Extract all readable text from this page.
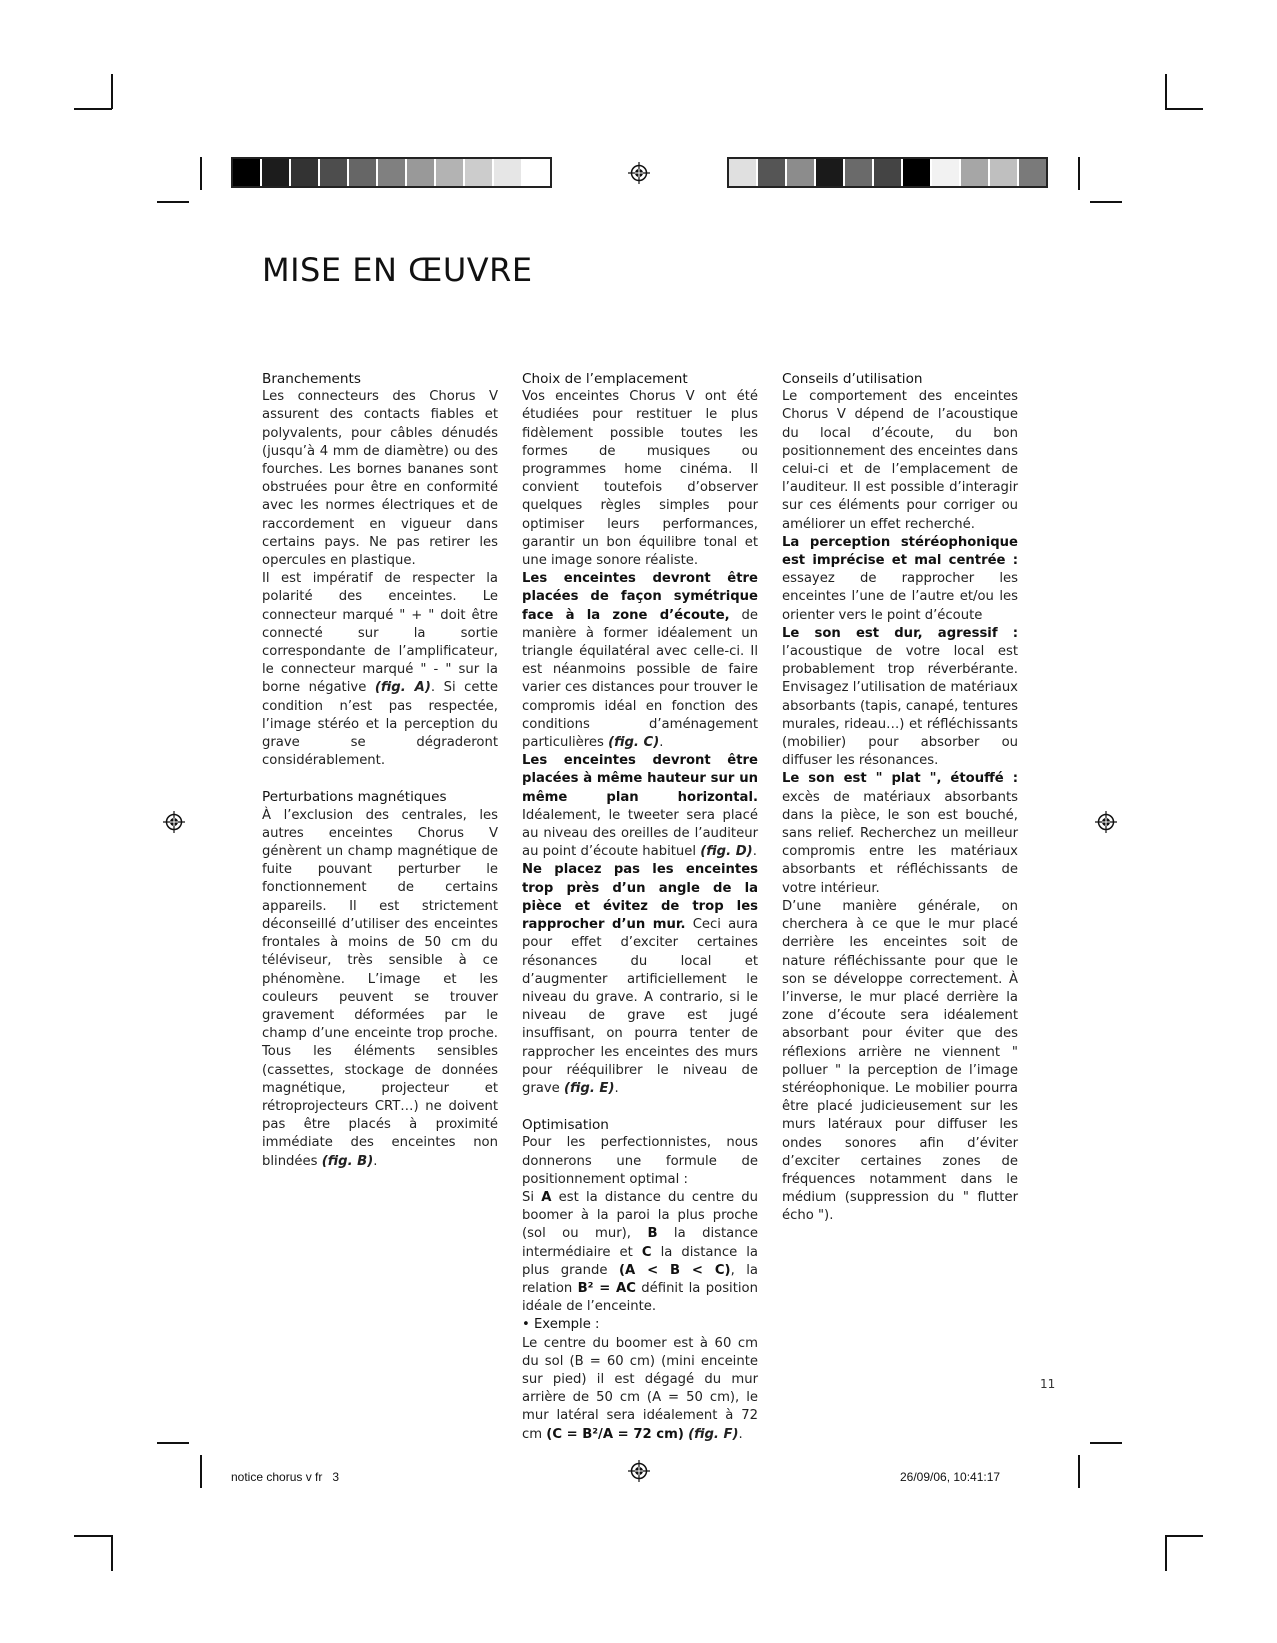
MISE EN ŒUVRE
Branchements

Les connecteurs des Chorus V assurent des contacts fiables et polyvalents, pour câbles dénudés (jusqu’à 4 mm de diamètre) ou des fourches. Les bornes bananes sont obstruées pour être en conformité avec les normes électriques et de raccordement en vigueur dans certains pays. Ne pas retirer les opercules en plastique.

Il est impératif de respecter la polarité des enceintes. Le connecteur marqué " + " doit être connecté sur la sortie correspondante de l’amplificateur, le connecteur marqué " - " sur la borne négative (fig. A). Si cette condition n’est pas respectée, l’image stéréo et la perception du grave se dégraderont considérablement.

Perturbations magnétiques

À l’exclusion des centrales, les autres enceintes Chorus V génèrent un champ magnétique de fuite pouvant perturber le fonctionnement de certains appareils. Il est strictement déconseillé d’utiliser des enceintes frontales à moins de 50 cm du téléviseur, très sensible à ce phénomène. L’image et les couleurs peuvent se trouver gravement déformées par le champ d’une enceinte trop proche. Tous les éléments sensibles (cassettes, stockage de données magnétique, projecteur et rétroprojecteurs CRT…) ne doivent pas être placés à proximité immédiate des enceintes non blindées (fig. B).

Choix de l’emplacement

Vos enceintes Chorus V ont été étudiées pour restituer le plus fidèlement possible toutes les formes de musiques ou programmes home cinéma. Il convient toutefois d’observer quelques règles simples pour optimiser leurs performances, garantir un bon équilibre tonal et une image sonore réaliste.

Les enceintes devront être placées de façon symétrique face à la zone d’écoute, de manière à former idéalement un triangle équilatéral avec celle-ci. Il est néanmoins possible de faire varier ces distances pour trouver le compromis idéal en fonction des conditions d’aménagement particulières (fig. C).

Les enceintes devront être placées à même hauteur sur un même plan horizontal. Idéalement, le tweeter sera placé au niveau des oreilles de l’auditeur au point d’écoute habituel (fig. D).

Ne placez pas les enceintes trop près d’un angle de la pièce et évitez de trop les rapprocher d’un mur. Ceci aura pour effet d’exciter certaines résonances du local et d’augmenter artificiellement le niveau du grave. A contrario, si le niveau de grave est jugé insuffisant, on pourra tenter de rapprocher les enceintes des murs pour rééquilibrer le niveau de grave (fig. E).

Optimisation

Pour les perfectionnistes, nous donnerons une formule de positionnement optimal :

Si A est la distance du centre du boomer à la paroi la plus proche (sol ou mur), B la distance intermédiaire et C la distance la plus grande (A < B < C), la relation B² = AC définit la position idéale de l’enceinte.

• Exemple :

Le centre du boomer est à 60 cm du sol (B = 60 cm) (mini enceinte sur pied) il est dégagé du mur arrière de 50 cm (A = 50 cm), le mur latéral sera idéalement à 72 cm (C = B²/A = 72 cm) (fig. F).

Conseils d’utilisation

Le comportement des enceintes Chorus V dépend de l’acoustique du local d’écoute, du bon positionnement des enceintes dans celui-ci et de l’emplacement de l’auditeur. Il est possible d’interagir sur ces éléments pour corriger ou améliorer un effet recherché.

La perception stéréophonique est imprécise et mal centrée : essayez de rapprocher les enceintes l’une de l’autre et/ou les orienter vers le point d’écoute

Le son est dur, agressif : l’acoustique de votre local est probablement trop réverbérante. Envisagez l’utilisation de matériaux absorbants (tapis, canapé, tentures murales, rideau…) et réfléchissants (mobilier) pour absorber ou diffuser les résonances.

Le son est " plat ", étouffé : excès de matériaux absorbants dans la pièce, le son est bouché, sans relief. Recherchez un meilleur compromis entre les matériaux absorbants et réfléchissants de votre intérieur.

D’une manière générale, on cherchera à ce que le mur placé derrière les enceintes soit de nature réfléchissante pour que le son se développe correctement. À l’inverse, le mur placé derrière la zone d’écoute sera idéalement absorbant pour éviter que des réflexions arrière ne viennent " polluer " la perception de l’image stéréophonique. Le mobilier pourra être placé judicieusement sur les murs latéraux pour diffuser les ondes sonores afin d’éviter d’exciter certaines zones de fréquences notamment dans le médium (suppression du " flutter écho ").

11
notice chorus v fr   3	26/09/06, 10:41:17
